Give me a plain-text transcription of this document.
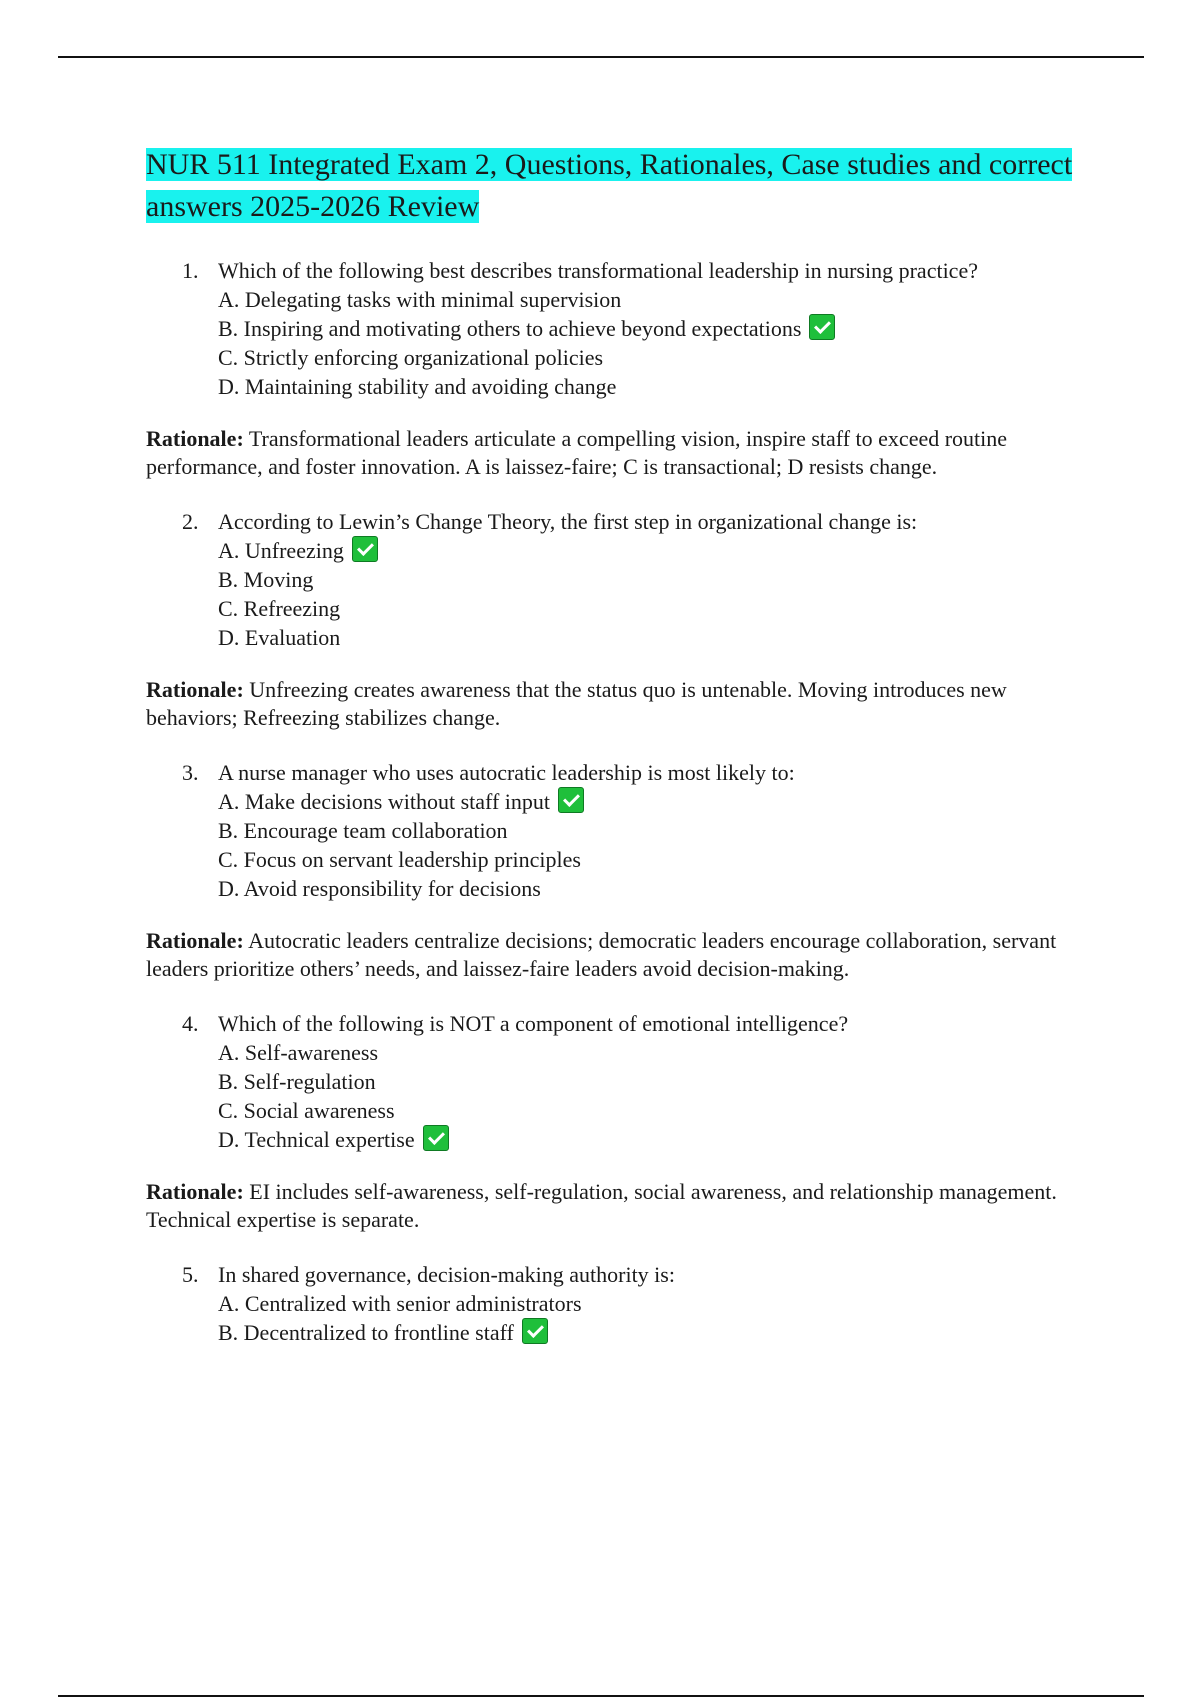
NUR 511 Integrated Exam 2, Questions, Rationales, Case studies and correct answers 2025-2026 Review
1. Which of the following best describes transformational leadership in nursing practice?
A. Delegating tasks with minimal supervision
B. Inspiring and motivating others to achieve beyond expectations
C. Strictly enforcing organizational policies
D. Maintaining stability and avoiding change

Rationale: Transformational leaders articulate a compelling vision, inspire staff to exceed routine performance, and foster innovation. A is laissez-faire; C is transactional; D resists change.

2. According to Lewin’s Change Theory, the first step in organizational change is:
A. Unfreezing
B. Moving
C. Refreezing
D. Evaluation

Rationale: Unfreezing creates awareness that the status quo is untenable. Moving introduces new behaviors; Refreezing stabilizes change.

3. A nurse manager who uses autocratic leadership is most likely to:
A. Make decisions without staff input
B. Encourage team collaboration
C. Focus on servant leadership principles
D. Avoid responsibility for decisions

Rationale: Autocratic leaders centralize decisions; democratic leaders encourage collaboration, servant leaders prioritize others’ needs, and laissez-faire leaders avoid decision-making.

4. Which of the following is NOT a component of emotional intelligence?
A. Self-awareness
B. Self-regulation
C. Social awareness
D. Technical expertise

Rationale: EI includes self-awareness, self-regulation, social awareness, and relationship management. Technical expertise is separate.

5. In shared governance, decision-making authority is:
A. Centralized with senior administrators
B. Decentralized to frontline staff
